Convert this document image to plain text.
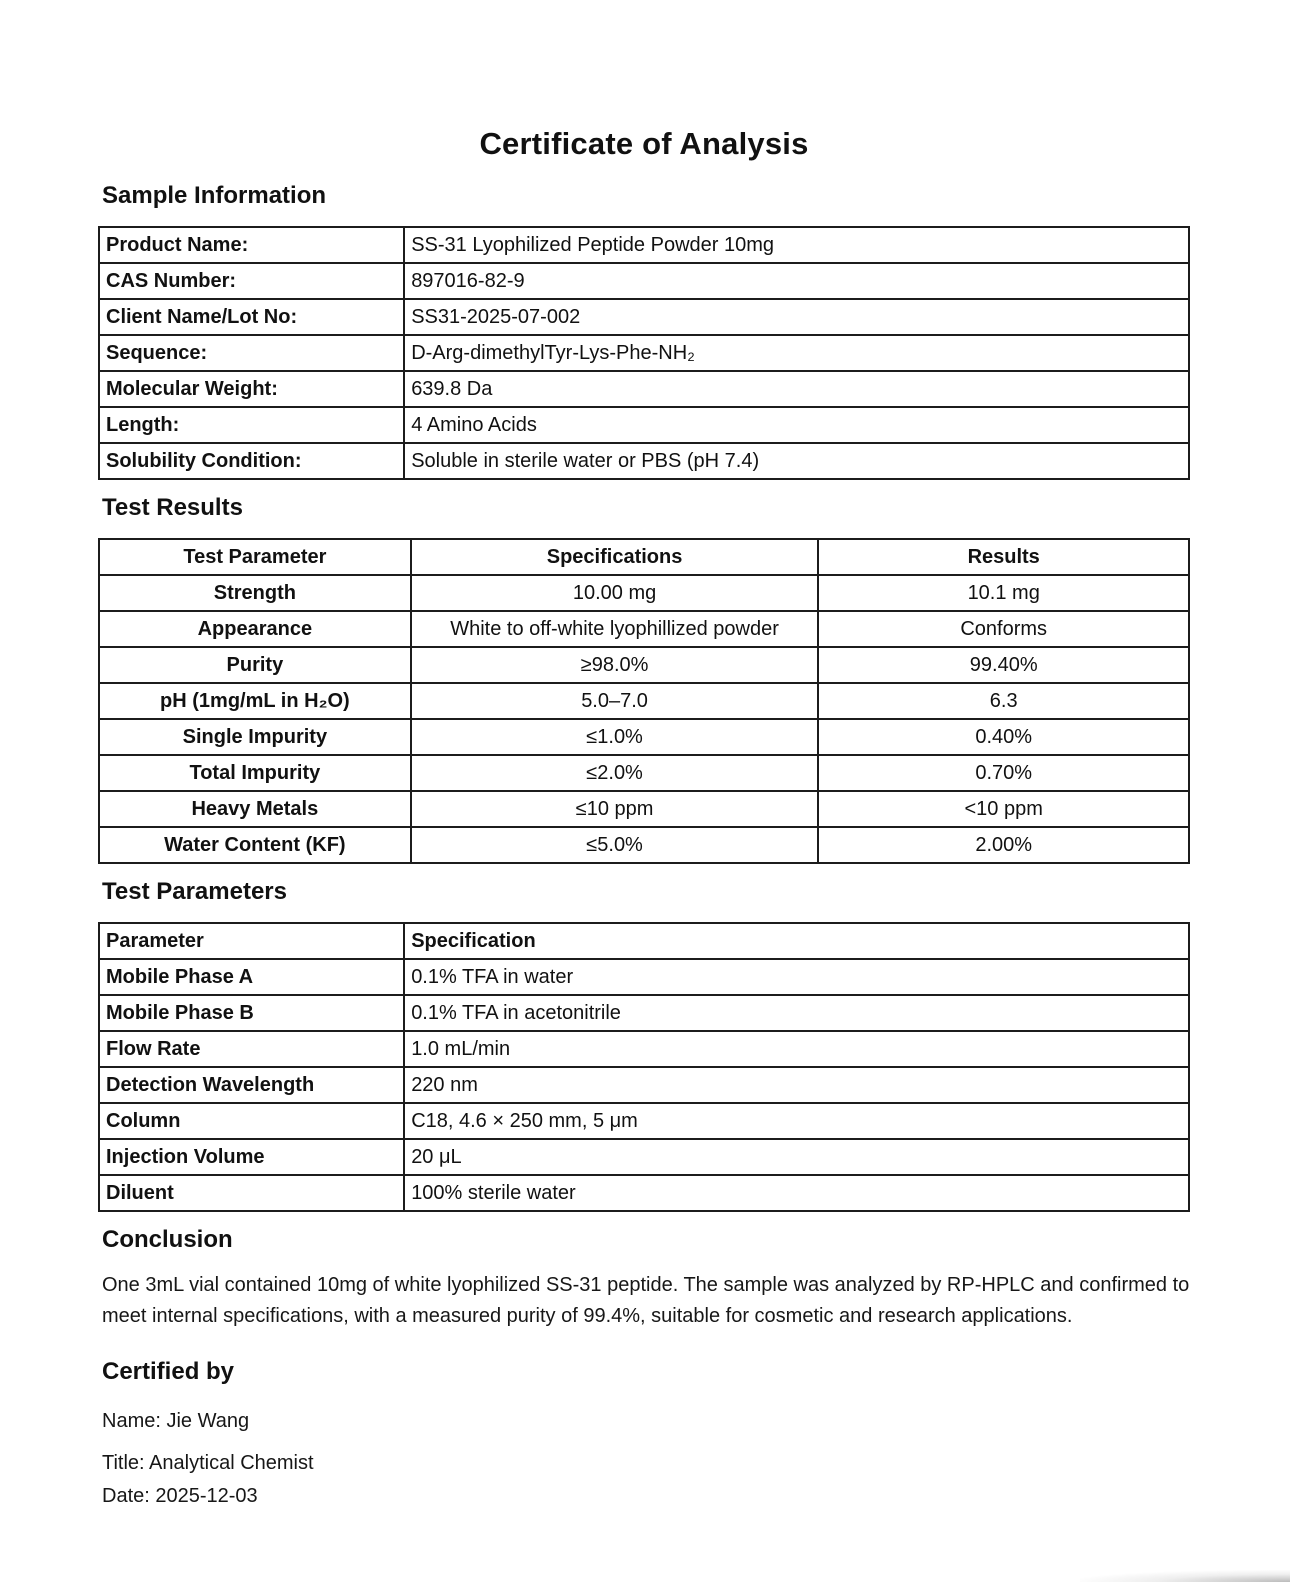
Certificate of Analysis
Sample Information
Product Name:	SS-31 Lyophilized Peptide Powder 10mg
CAS Number:	897016-82-9
Client Name/Lot No:	SS31-2025-07-002
Sequence:	D-Arg-dimethylTyr-Lys-Phe-NH₂
Molecular Weight:	639.8 Da
Length:	4 Amino Acids
Solubility Condition:	Soluble in sterile water or PBS (pH 7.4)
Test Results
Test Parameter	Specifications	Results
Strength	10.00 mg	10.1 mg
Appearance	White to off-white lyophillized powder	Conforms
Purity	≥98.0%	99.40%
pH (1mg/mL in H₂O)	5.0–7.0	6.3
Single Impurity	≤1.0%	0.40%
Total Impurity	≤2.0%	0.70%
Heavy Metals	≤10 ppm	<10 ppm
Water Content (KF)	≤5.0%	2.00%
Test Parameters
Parameter	Specification
Mobile Phase A	0.1% TFA in water
Mobile Phase B	0.1% TFA in acetonitrile
Flow Rate	1.0 mL/min
Detection Wavelength	220 nm
Column	C18, 4.6 × 250 mm, 5 μm
Injection Volume	20 μL
Diluent	100% sterile water
Conclusion

One 3mL vial contained 10mg of white lyophilized SS-31 peptide. The sample was analyzed by RP-HPLC and confirmed to meet internal specifications, with a measured purity of 99.4%, suitable for cosmetic and research applications.

Certified by

Name: Jie Wang

Title: Analytical Chemist

Date: 2025-12-03
